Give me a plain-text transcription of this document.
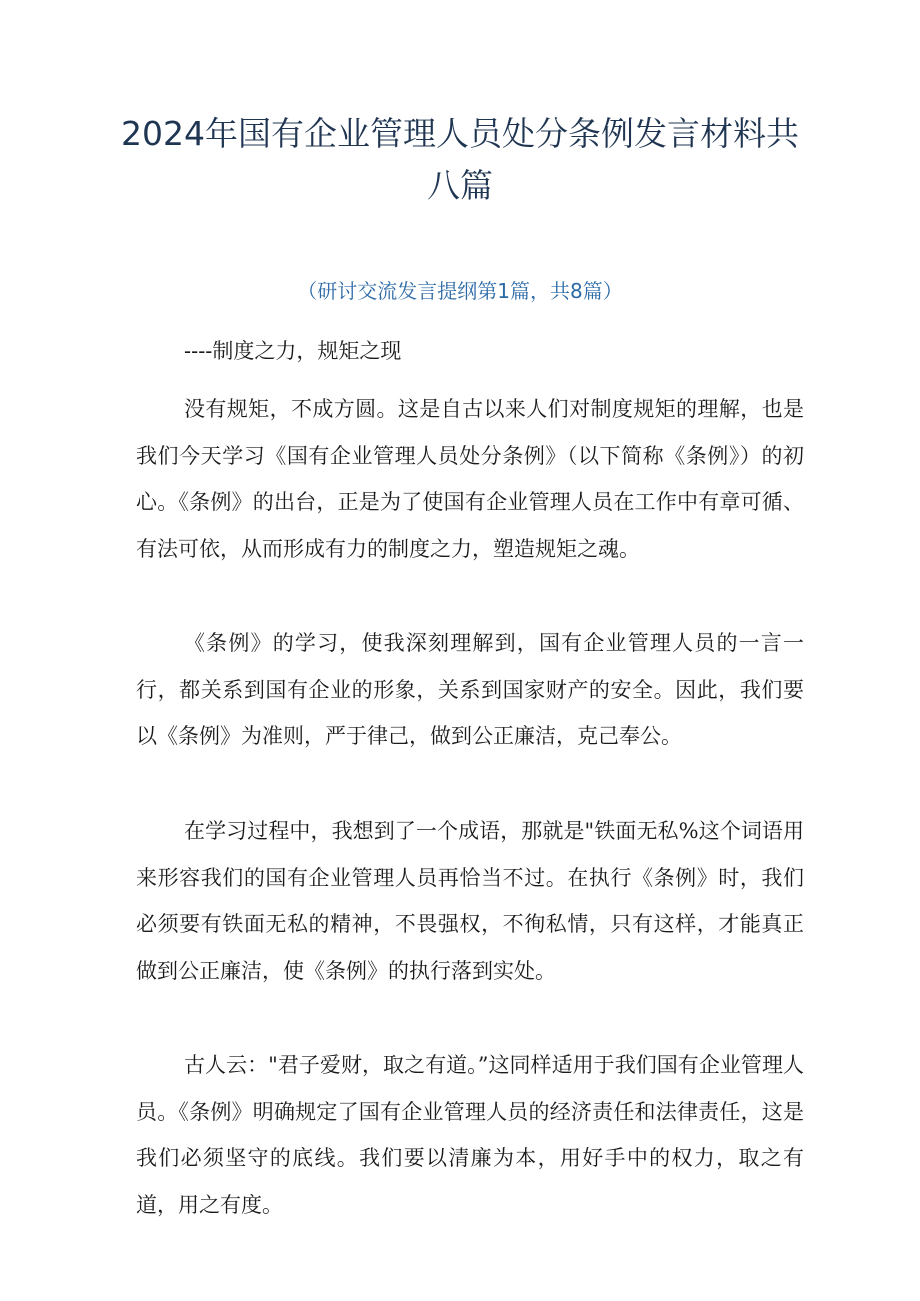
2024年国有企业管理人员处分条例发言材料共八篇
（研讨交流发言提纲第1篇，共8篇）
----制度之力，规矩之现

没有规矩，不成方圆。这是自古以来人们对制度规矩的理解，也是我们今天学习《国有企业管理人员处分条例》（以下简称《条例》）的初心。《条例》的出台，正是为了使国有企业管理人员在工作中有章可循、有法可依，从而形成有力的制度之力，塑造规矩之魂。

《条例》的学习，使我深刻理解到，国有企业管理人员的一言一行，都关系到国有企业的形象，关系到国家财产的安全。因此，我们要以《条例》为准则，严于律己，做到公正廉洁，克己奉公。

在学习过程中，我想到了一个成语，那就是"铁面无私%这个词语用来形容我们的国有企业管理人员再恰当不过。在执行《条例》时，我们必须要有铁面无私的精神，不畏强权，不徇私情，只有这样，才能真正做到公正廉洁，使《条例》的执行落到实处。

古人云："君子爱财，取之有道。”这同样适用于我们国有企业管理人员。《条例》明确规定了国有企业管理人员的经济责任和法律责任，这是我们必须坚守的底线。我们要以清廉为本，用好手中的权力，取之有道，用之有度。
